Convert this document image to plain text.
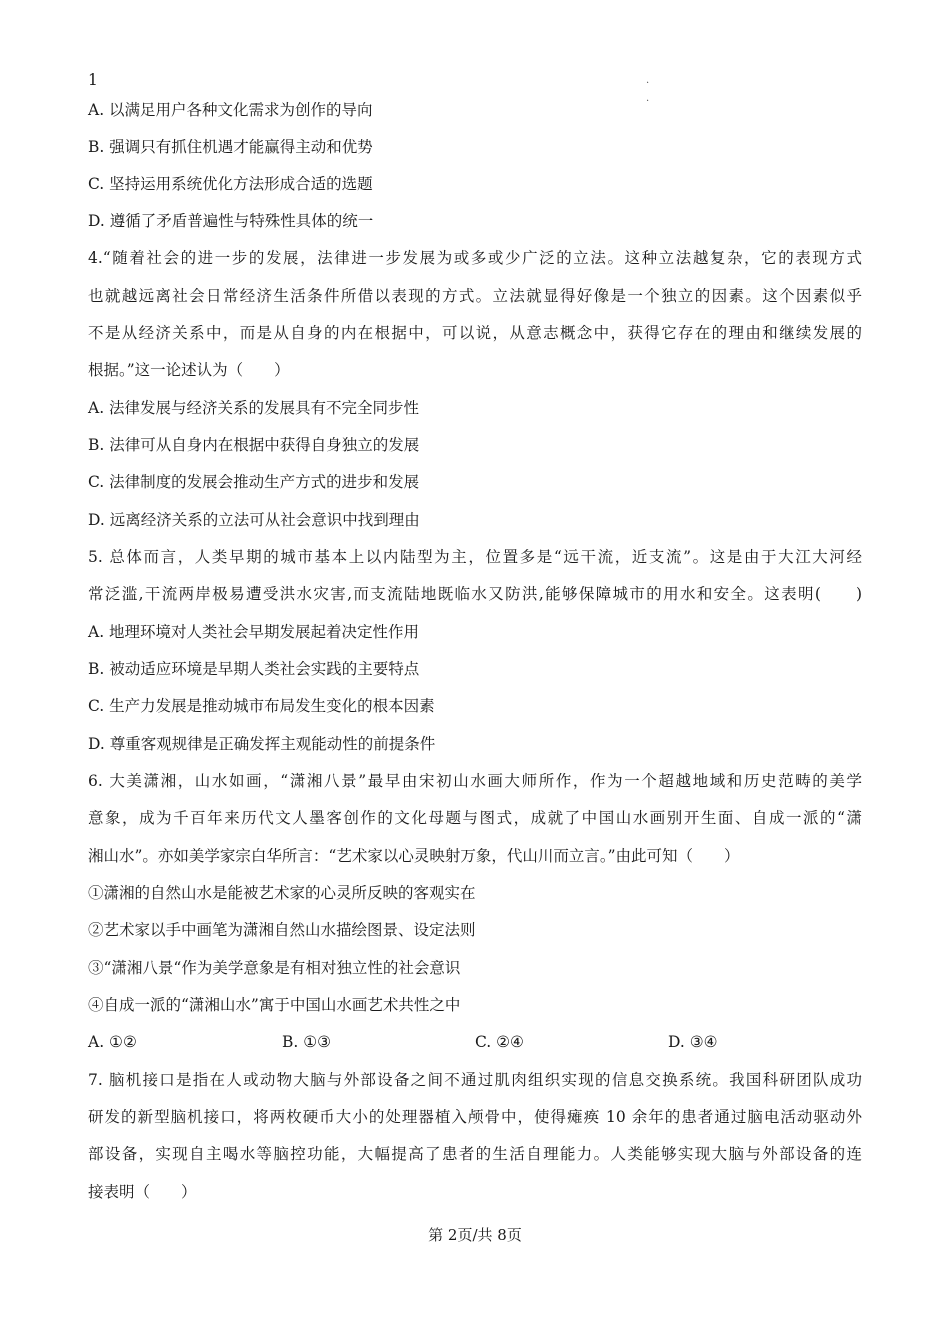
1	.
.
A. 以满足用户各种文化需求为创作的导向
B. 强调只有抓住机遇才能赢得主动和优势
C. 坚持运用系统优化方法形成合适的选题
D. 遵循了矛盾普遍性与特殊性具体的统一
4.“随着社会的进一步的发展，法律进一步发展为或多或少广泛的立法。这种立法越复杂，它的表现方式
也就越远离社会日常经济生活条件所借以表现的方式。立法就显得好像是一个独立的因素。这个因素似乎
不是从经济关系中，而是从自身的内在根据中，可以说，从意志概念中，获得它存在的理由和继续发展的
根据。”这一论述认为（　　）
A. 法律发展与经济关系的发展具有不完全同步性
B. 法律可从自身内在根据中获得自身独立的发展
C. 法律制度的发展会推动生产方式的进步和发展
D. 远离经济关系的立法可从社会意识中找到理由
5. 总体而言，人类早期的城市基本上以内陆型为主，位置多是“远干流，近支流”。这是由于大江大河经
常泛滥,干流两岸极易遭受洪水灾害,而支流陆地既临水又防洪,能够保障城市的用水和安全。这表明(　　)
A. 地理环境对人类社会早期发展起着决定性作用
B. 被动适应环境是早期人类社会实践的主要特点
C. 生产力发展是推动城市布局发生变化的根本因素
D. 尊重客观规律是正确发挥主观能动性的前提条件
6. 大美潇湘，山水如画，“潇湘八景”最早由宋初山水画大师所作，作为一个超越地域和历史范畴的美学
意象，成为千百年来历代文人墨客创作的文化母题与图式，成就了中国山水画别开生面、自成一派的“潇
湘山水”。亦如美学家宗白华所言：“艺术家以心灵映射万象，代山川而立言。”由此可知（　　）
①潇湘的自然山水是能被艺术家的心灵所反映的客观实在
②艺术家以手中画笔为潇湘自然山水描绘图景、设定法则
③“潇湘八景“作为美学意象是有相对独立性的社会意识
④自成一派的“潇湘山水”寓于中国山水画艺术共性之中
A. ①②	B. ①③	C. ②④	D. ③④
7. 脑机接口是指在人或动物大脑与外部设备之间不通过肌肉组织实现的信息交换系统。我国科研团队成功
研发的新型脑机接口，将两枚硬币大小的处理器植入颅骨中，使得瘫痪 10 余年的患者通过脑电活动驱动外
部设备，实现自主喝水等脑控功能，大幅提高了患者的生活自理能力。人类能够实现大脑与外部设备的连
接表明（　　）
第 2页/共 8页
